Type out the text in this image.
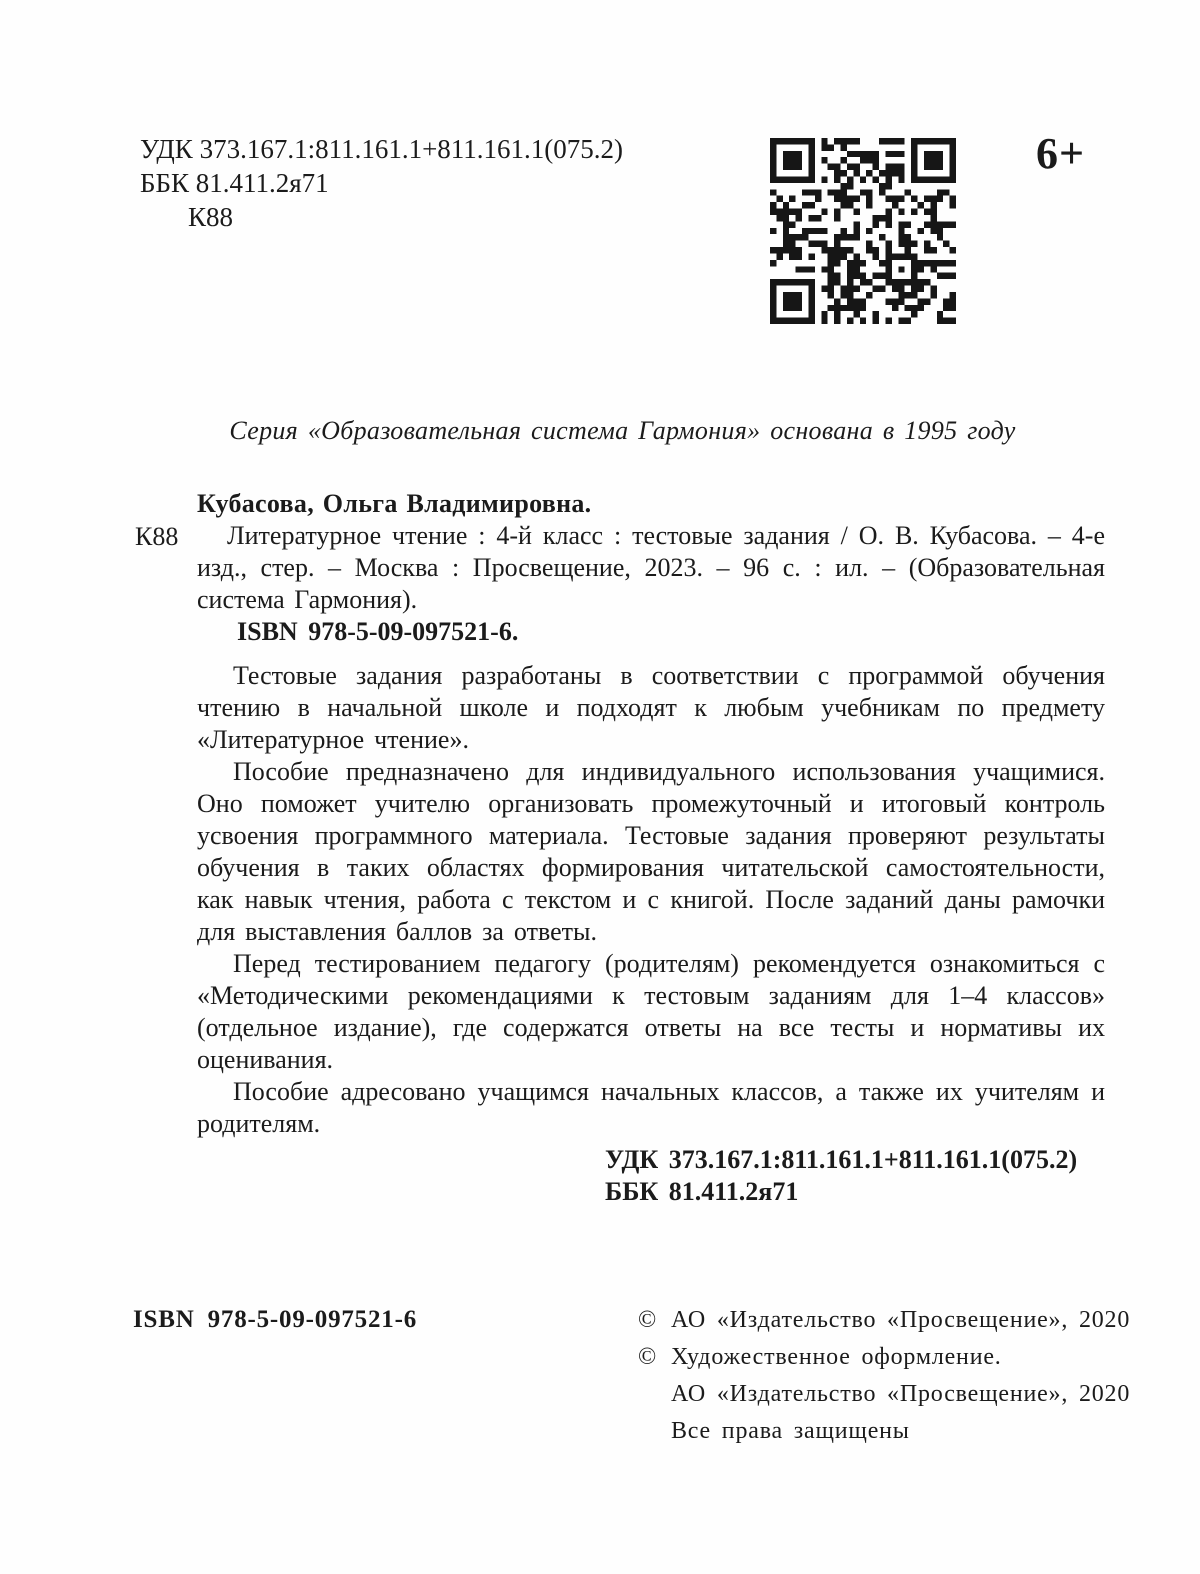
УДК 373.167.1:811.161.1+811.161.1(075.2)
ББК 81.411.2я71
К88
6+
Серия «Образовательная система Гармония» основана в 1995 году
Кубасова, Ольга Владимировна.
К88	Литературное чтение : 4-й класс : тестовые задания / О. В. Кубасова. – 4-е изд., стер. – Москва : Просвещение, 2023. – 96 с. : ил. – (Образовательная система Гармония).

ISBN 978-5-09-097521-6.

Тестовые задания разработаны в соответствии с программой обучения чтению в начальной школе и подходят к любым учебникам по предмету «Литературное чтение».

Пособие предназначено для индивидуального использования учащимися. Оно поможет учителю организовать промежуточный и итоговый контроль усвоения программного материала. Тестовые задания проверяют результаты обучения в таких областях формирования читательской самостоятельности, как навык чтения, работа с текстом и с книгой. После заданий даны рамочки для выставления баллов за ответы.

Перед тестированием педагогу (родителям) рекомендуется ознакомиться с «Методическими рекомендациями к тестовым заданиям для 1–4 классов» (отдельное издание), где содержатся ответы на все тесты и нормативы их оценивания.

Пособие адресовано учащимся начальных классов, а также их учителям и родителям.

УДК 373.167.1:811.161.1+811.161.1(075.2)
ББК 81.411.2я71
ISBN 978-5-09-097521-6	© АО «Издательство «Просвещение», 2020
© Художественное оформление.
АО «Издательство «Просвещение», 2020
Все права защищены
